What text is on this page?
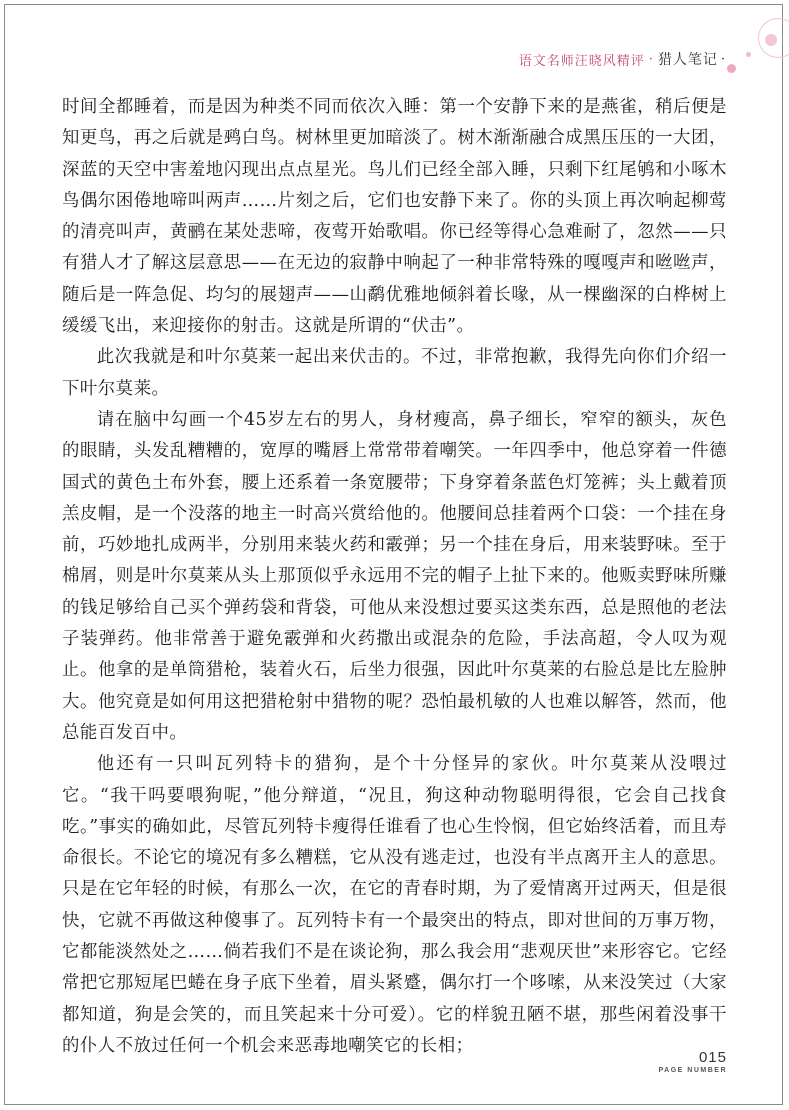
语文名师汪晓风精评 · 猎人笔记 ·

时间全都睡着，而是因为种类不同而依次入睡：第一个安静下来的是燕雀，稍后便是知更鸟，再之后就是鹀白鸟。树林里更加暗淡了。树木渐渐融合成黑压压的一大团，深蓝的天空中害羞地闪现出点点星光。鸟儿们已经全部入睡，只剩下红尾鸲和小啄木鸟偶尔困倦地啼叫两声……片刻之后，它们也安静下来了。你的头顶上再次响起柳莺的清亮叫声，黄鹂在某处悲啼，夜莺开始歌唱。你已经等得心急难耐了，忽然——只有猎人才了解这层意思——在无边的寂静中响起了一种非常特殊的嘎嘎声和咝咝声，随后是一阵急促、均匀的展翅声——山鹬优雅地倾斜着长喙，从一棵幽深的白桦树上缓缓飞出，来迎接你的射击。这就是所谓的“伏击”。

此次我就是和叶尔莫莱一起出来伏击的。不过，非常抱歉，我得先向你们介绍一下叶尔莫莱。

请在脑中勾画一个45岁左右的男人，身材瘦高，鼻子细长，窄窄的额头，灰色的眼睛，头发乱糟糟的，宽厚的嘴唇上常常带着嘲笑。一年四季中，他总穿着一件德国式的黄色土布外套，腰上还系着一条宽腰带；下身穿着条蓝色灯笼裤；头上戴着顶羔皮帽，是一个没落的地主一时高兴赏给他的。他腰间总挂着两个口袋：一个挂在身前，巧妙地扎成两半，分别用来装火药和霰弹；另一个挂在身后，用来装野味。至于棉屑，则是叶尔莫莱从头上那顶似乎永远用不完的帽子上扯下来的。他贩卖野味所赚的钱足够给自己买个弹药袋和背袋，可他从来没想过要买这类东西，总是照他的老法子装弹药。他非常善于避免霰弹和火药撒出或混杂的危险，手法高超，令人叹为观止。他拿的是单筒猎枪，装着火石，后坐力很强，因此叶尔莫莱的右脸总是比左脸肿大。他究竟是如何用这把猎枪射中猎物的呢？恐怕最机敏的人也难以解答，然而，他总能百发百中。

他还有一只叫瓦列特卡的猎狗，是个十分怪异的家伙。叶尔莫莱从没喂过它。“我干吗要喂狗呢，”他分辩道，“况且，狗这种动物聪明得很，它会自己找食吃。”事实的确如此，尽管瓦列特卡瘦得任谁看了也心生怜悯，但它始终活着，而且寿命很长。不论它的境况有多么糟糕，它从没有逃走过，也没有半点离开主人的意思。只是在它年轻的时候，有那么一次，在它的青春时期，为了爱情离开过两天，但是很快，它就不再做这种傻事了。瓦列特卡有一个最突出的特点，即对世间的万事万物，它都能淡然处之……倘若我们不是在谈论狗，那么我会用“悲观厌世”来形容它。它经常把它那短尾巴蜷在身子底下坐着，眉头紧蹙，偶尔打一个哆嗦，从来没笑过（大家都知道，狗是会笑的，而且笑起来十分可爱）。它的样貌丑陋不堪，那些闲着没事干的仆人不放过任何一个机会来恶毒地嘲笑它的长相；

015
PAGE NUMBER
